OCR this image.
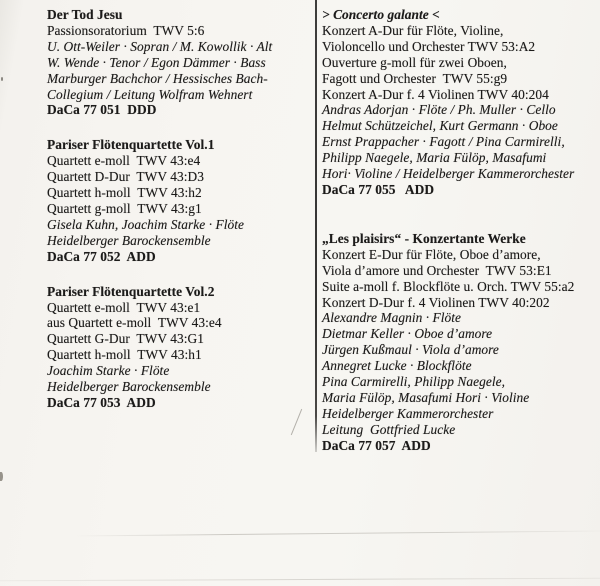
Der Tod Jesu
Passionsoratorium  TWV 5:6
U. Ott-Weiler · Sopran / M. Kowollik · Alt
W. Wende · Tenor / Egon Dämmer · Bass
Marburger Bachchor / Hessisches Bach-
Collegium / Leitung Wolfram Wehnert
DaCa 77 051  DDD
Pariser Flötenquartette Vol.1
Quartett e-moll  TWV 43:e4
Quartett D-Dur  TWV 43:D3
Quartett h-moll  TWV 43:h2
Quartett g-moll  TWV 43:g1
Gisela Kuhn, Joachim Starke · Flöte
Heidelberger Barockensemble
DaCa 77 052  ADD
Pariser Flötenquartette Vol.2
Quartett e-moll  TWV 43:e1
aus Quartett e-moll  TWV 43:e4
Quartett G-Dur  TWV 43:G1
Quartett h-moll  TWV 43:h1
Joachim Starke · Flöte
Heidelberger Barockensemble
DaCa 77 053  ADD
> Concerto galante <
Konzert A-Dur für Flöte, Violine,
Violoncello und Orchester TWV 53:A2
Ouverture g-moll für zwei Oboen,
Fagott und Orchester  TWV 55:g9
Konzert A-Dur f. 4 Violinen TWV 40:204
Andras Adorjan · Flöte / Ph. Muller · Cello
Helmut Schützeichel, Kurt Germann · Oboe
Ernst Prappacher · Fagott / Pina Carmirelli,
Philipp Naegele, Maria Fülöp, Masafumi
Hori· Violine / Heidelberger Kammerorchester
DaCa 77 055   ADD
„Les plaisirs“ - Konzertante Werke
Konzert E-Dur für Flöte, Oboe d’amore,
Viola d’amore und Orchester  TWV 53:E1
Suite a-moll f. Blockflöte u. Orch. TWV 55:a2
Konzert D-Dur f. 4 Violinen TWV 40:202
Alexandre Magnin · Flöte
Dietmar Keller · Oboe d’amore
Jürgen Kußmaul · Viola d’amore
Annegret Lucke · Blockflöte
Pina Carmirelli, Philipp Naegele,
Maria Fülöp, Masafumi Hori · Violine
Heidelberger Kammerorchester
Leitung  Gottfried Lucke
DaCa 77 057  ADD
